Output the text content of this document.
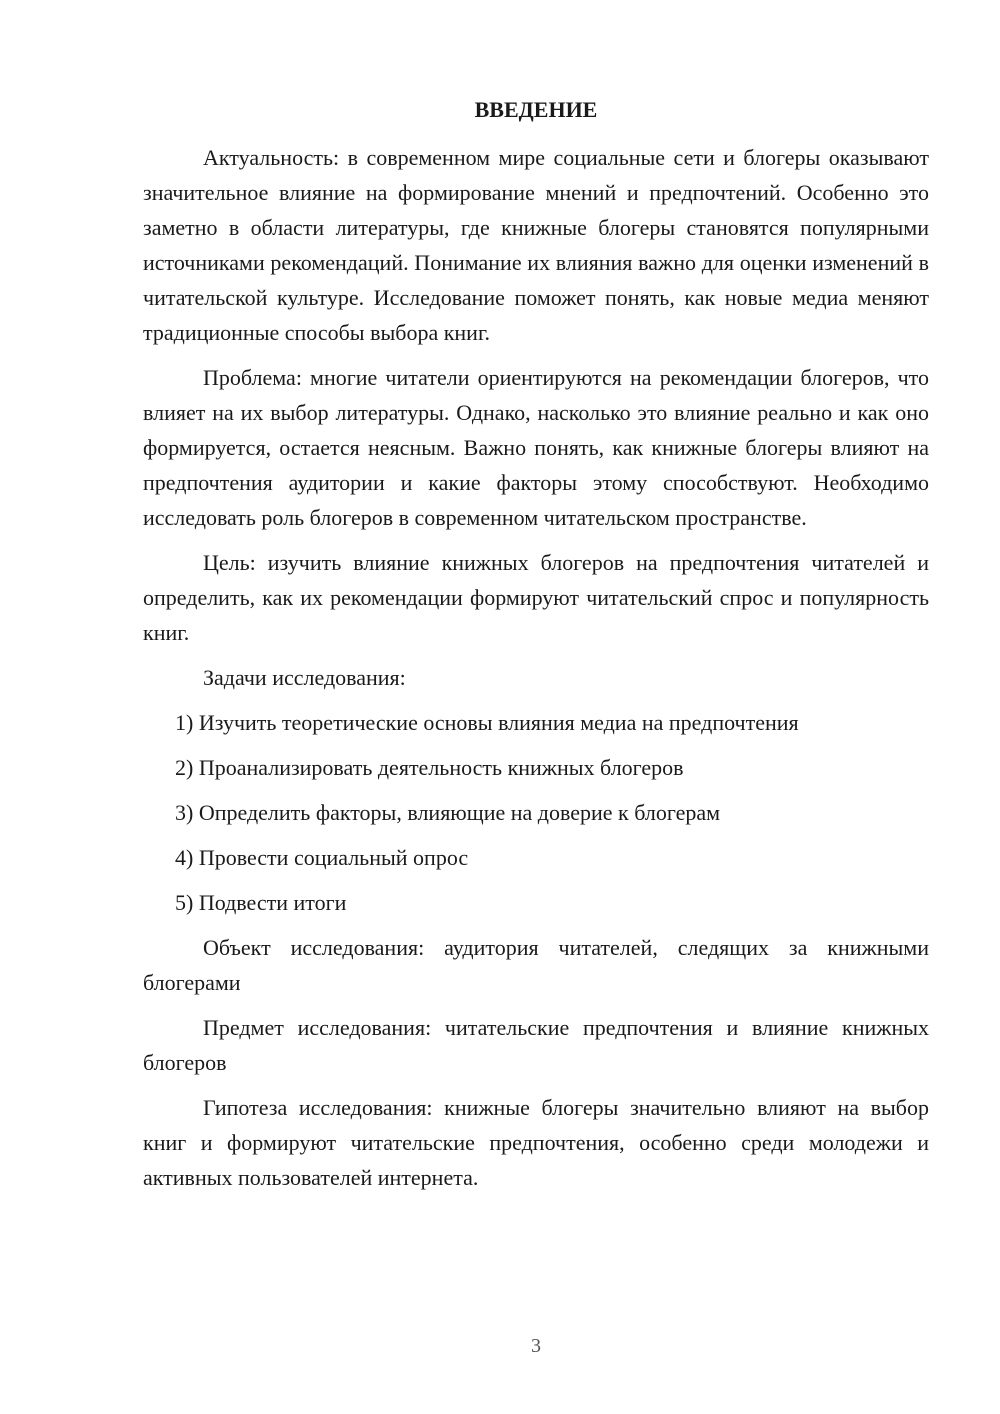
ВВЕДЕНИЕ

Актуальность: в современном мире социальные сети и блогеры оказывают значительное влияние на формирование мнений и предпочтений. Особенно это заметно в области литературы, где книжные блогеры становятся популярными источниками рекомендаций. Понимание их влияния важно для оценки изменений в читательской культуре. Исследование поможет понять, как новые медиа меняют традиционные способы выбора книг.

Проблема: многие читатели ориентируются на рекомендации блогеров, что влияет на их выбор литературы. Однако, насколько это влияние реально и как оно формируется, остается неясным. Важно понять, как книжные блогеры влияют на предпочтения аудитории и какие факторы этому способствуют. Необходимо исследовать роль блогеров в современном читательском пространстве.

Цель: изучить влияние книжных блогеров на предпочтения читателей и определить, как их рекомендации формируют читательский спрос и популярность книг.

Задачи исследования:

1) Изучить теоретические основы влияния медиа на предпочтения
2) Проанализировать деятельность книжных блогеров
3) Определить факторы, влияющие на доверие к блогерам
4) Провести социальный опрос
5) Подвести итоги

Объект исследования: аудитория читателей, следящих за книжными блогерами

Предмет исследования: читательские предпочтения и влияние книжных блогеров

Гипотеза исследования: книжные блогеры значительно влияют на выбор книг и формируют читательские предпочтения, особенно среди молодежи и активных пользователей интернета.

3
